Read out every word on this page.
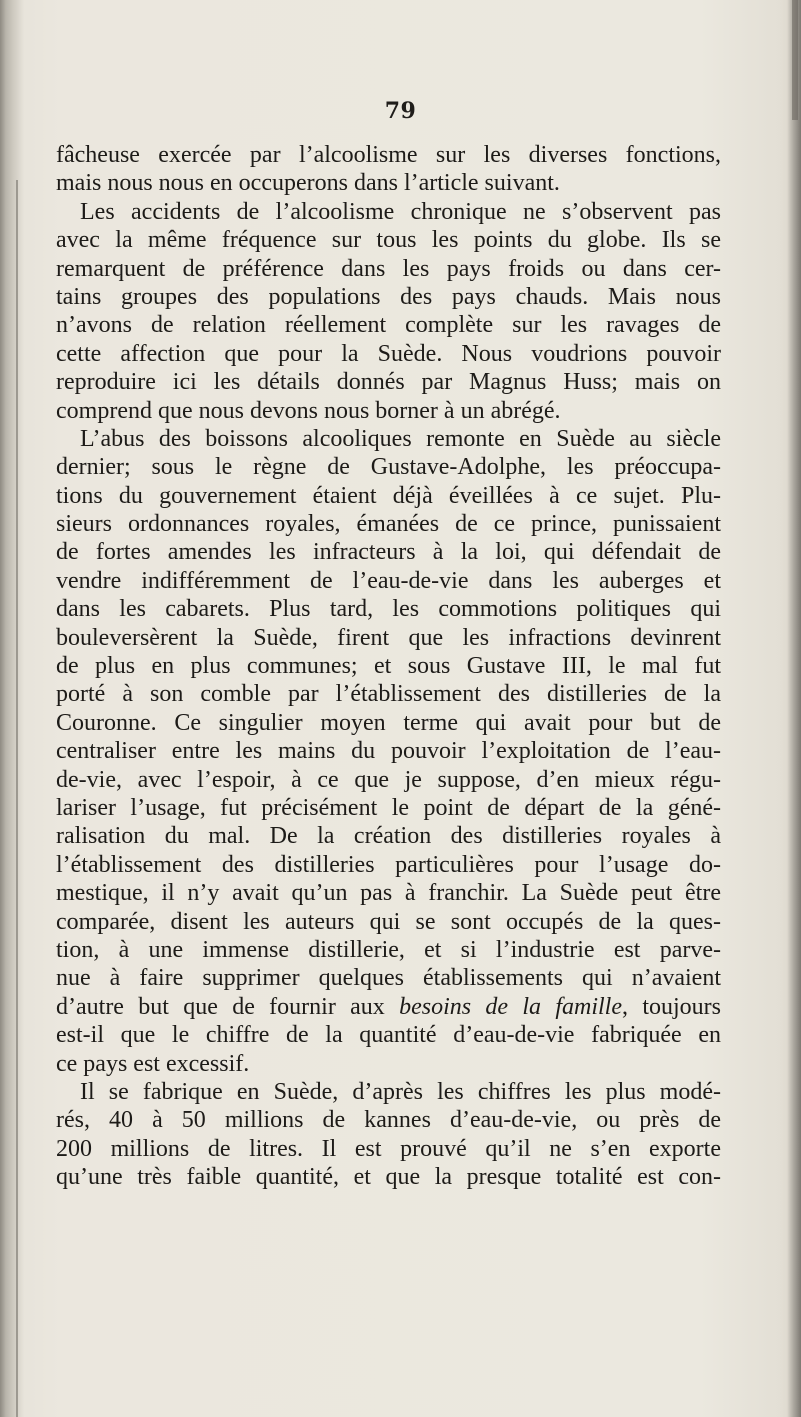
79
fâcheuse exercée par l’alcoolisme sur les diverses fonctions,
mais nous nous en occuperons dans l’article suivant.
Les accidents de l’alcoolisme chronique ne s’observent pas
avec la même fréquence sur tous les points du globe. Ils se
remarquent de préférence dans les pays froids ou dans cer-
tains groupes des populations des pays chauds. Mais nous
n’avons de relation réellement complète sur les ravages de
cette affection que pour la Suède. Nous voudrions pouvoir
reproduire ici les détails donnés par Magnus Huss; mais on
comprend que nous devons nous borner à un abrégé.
L’abus des boissons alcooliques remonte en Suède au siècle
dernier; sous le règne de Gustave-Adolphe, les préoccupa-
tions du gouvernement étaient déjà éveillées à ce sujet. Plu-
sieurs ordonnances royales, émanées de ce prince, punissaient
de fortes amendes les infracteurs à la loi, qui défendait de
vendre indifféremment de l’eau-de-vie dans les auberges et
dans les cabarets. Plus tard, les commotions politiques qui
bouleversèrent la Suède, firent que les infractions devinrent
de plus en plus communes; et sous Gustave III, le mal fut
porté à son comble par l’établissement des distilleries de la
Couronne. Ce singulier moyen terme qui avait pour but de
centraliser entre les mains du pouvoir l’exploitation de l’eau-
de-vie, avec l’espoir, à ce que je suppose, d’en mieux régu-
lariser l’usage, fut précisément le point de départ de la géné-
ralisation du mal. De la création des distilleries royales à
l’établissement des distilleries particulières pour l’usage do-
mestique, il n’y avait qu’un pas à franchir. La Suède peut être
comparée, disent les auteurs qui se sont occupés de la ques-
tion, à une immense distillerie, et si l’industrie est parve-
nue à faire supprimer quelques établissements qui n’avaient
d’autre but que de fournir aux besoins de la famille, toujours
est-il que le chiffre de la quantité d’eau-de-vie fabriquée en
ce pays est excessif.
Il se fabrique en Suède, d’après les chiffres les plus modé-
rés, 40 à 50 millions de kannes d’eau-de-vie, ou près de
200 millions de litres. Il est prouvé qu’il ne s’en exporte
qu’une très faible quantité, et que la presque totalité est con-
